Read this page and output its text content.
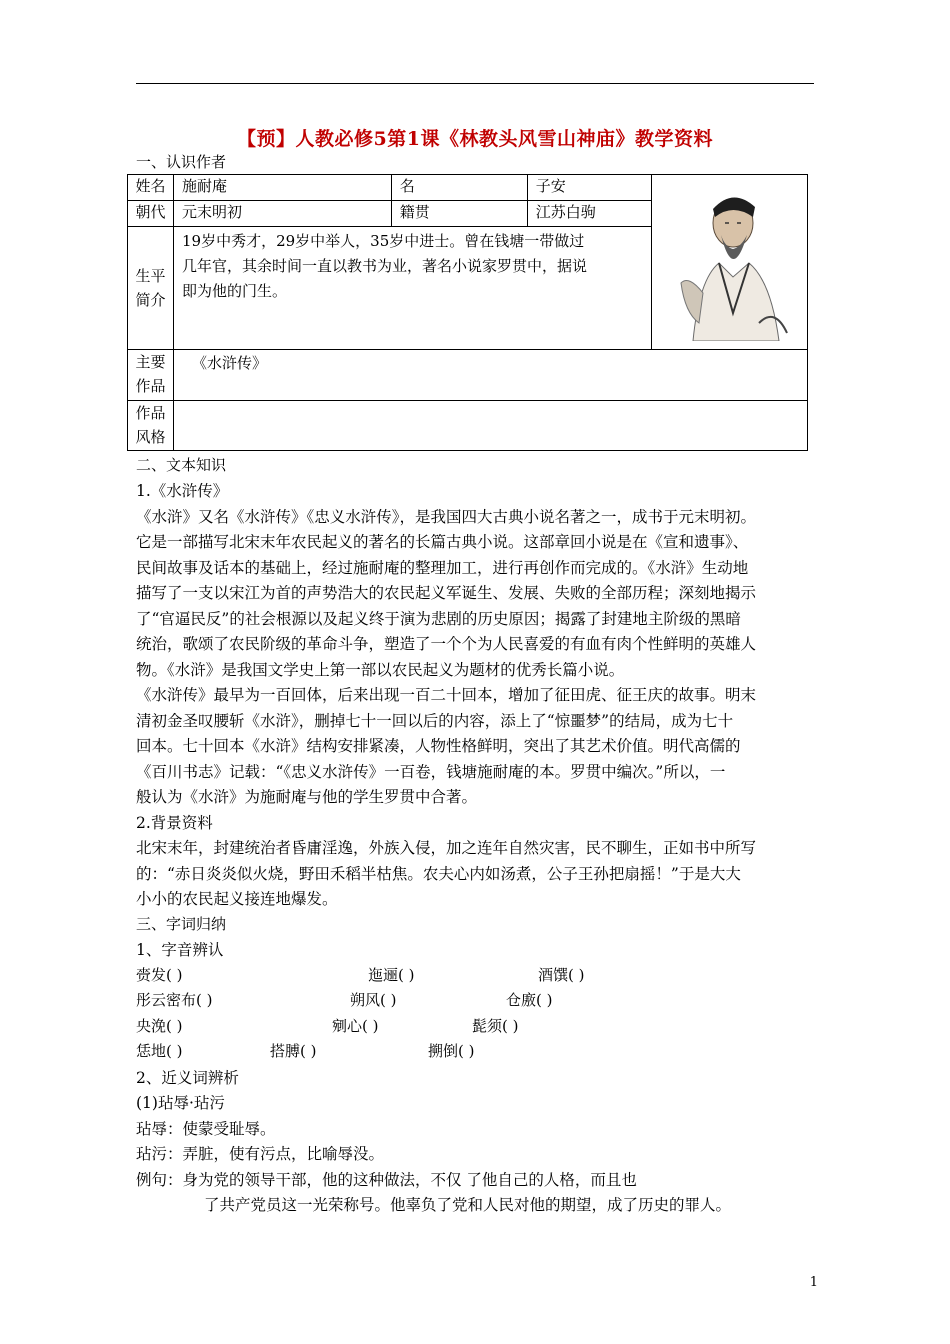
【预】人教必修5第1课《林教头风雪山神庙》教学资料
一、认识作者
姓名	施耐庵	名	子安	
朝代	元末明初	籍贯	江苏白驹	
生平简介	19岁中秀才，29岁中举人，35岁中进士。曾在钱塘一带做过
几年官，其余时间一直以教书为业，著名小说家罗贯中，据说
即为他的门生。			

主要作品	《水浒传》			
作品风格				
二、文本知识
1.《水浒传》
《水浒》又名《水浒传》《忠义水浒传》，是我国四大古典小说名著之一，成书于元末明初。
它是一部描写北宋末年农民起义的著名的长篇古典小说。这部章回小说是在《宣和遗事》、
民间故事及话本的基础上，经过施耐庵的整理加工，进行再创作而完成的。《水浒》生动地
描写了一支以宋江为首的声势浩大的农民起义军诞生、发展、失败的全部历程；深刻地揭示
了“官逼民反”的社会根源以及起义终于演为悲剧的历史原因；揭露了封建地主阶级的黑暗
统治，歌颂了农民阶级的革命斗争，塑造了一个个为人民喜爱的有血有肉个性鲜明的英雄人
物。《水浒》是我国文学史上第一部以农民起义为题材的优秀长篇小说。
《水浒传》最早为一百回体，后来出现一百二十回本，增加了征田虎、征王庆的故事。明末
清初金圣叹腰斩《水浒》，删掉七十一回以后的内容，添上了“惊噩梦”的结局，成为七十
回本。七十回本《水浒》结构安排紧凑，人物性格鲜明，突出了其艺术价值。明代高儒的
《百川书志》记载：“《忠义水浒传》一百卷，钱塘施耐庵的本。罗贯中编次。”所以，一
般认为《水浒》为施耐庵与他的学生罗贯中合著。
2.背景资料
北宋末年，封建统治者昏庸淫逸，外族入侵，加之连年自然灾害，民不聊生，正如书中所写
的：“赤日炎炎似火烧，野田禾稻半枯焦。农夫心内如汤煮，公子王孙把扇摇！”于是大大
小小的农民起义接连地爆发。
三、字词归纳
1、字音辨认
赍发( )	迤逦( )	酒馔( )
彤云密布( )	朔风( )	仓廒( )
央浼( )	剜心( )	髭须( )
恁地( )	搭膊( )	搠倒( )
2、近义词辨析
(1)玷辱·玷污
玷辱：使蒙受耻辱。
玷污：弄脏，使有污点，比喻辱没。
例句：身为党的领导干部，他的这种做法，不仅 了他自己的人格，而且也
了共产党员这一光荣称号。他辜负了党和人民对他的期望，成了历史的罪人。
1
